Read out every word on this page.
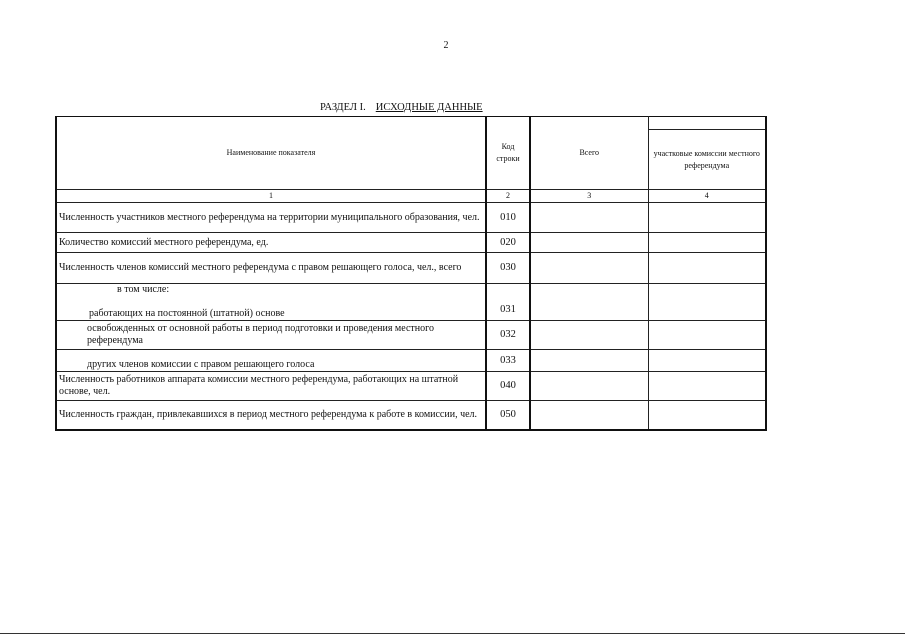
2
РАЗДЕЛ I. ИСХОДНЫЕ ДАННЫЕ
Наименование показателя	Код строки	Всего	
			участковые комиссии местного референдума
1	2	3	4
Численность участников местного референдума на территории муниципального образования, чел.	010		
Количество комиссий местного референдума, ед.	020		
Численность членов комиссий местного референдума с правом решающего голоса, чел., всего	030		

в том числе:
работающих на постоянной (штатной) основе	031		
освобожденных от основной работы в период подготовки и проведения местного референдума	032		
других членов комиссии с правом решающего голоса	033		
Численность работников аппарата комиссии местного референдума, работающих на штатной основе, чел.	040		
Численность граждан, привлекавшихся в период местного референдума к работе в комиссии, чел.	050		
